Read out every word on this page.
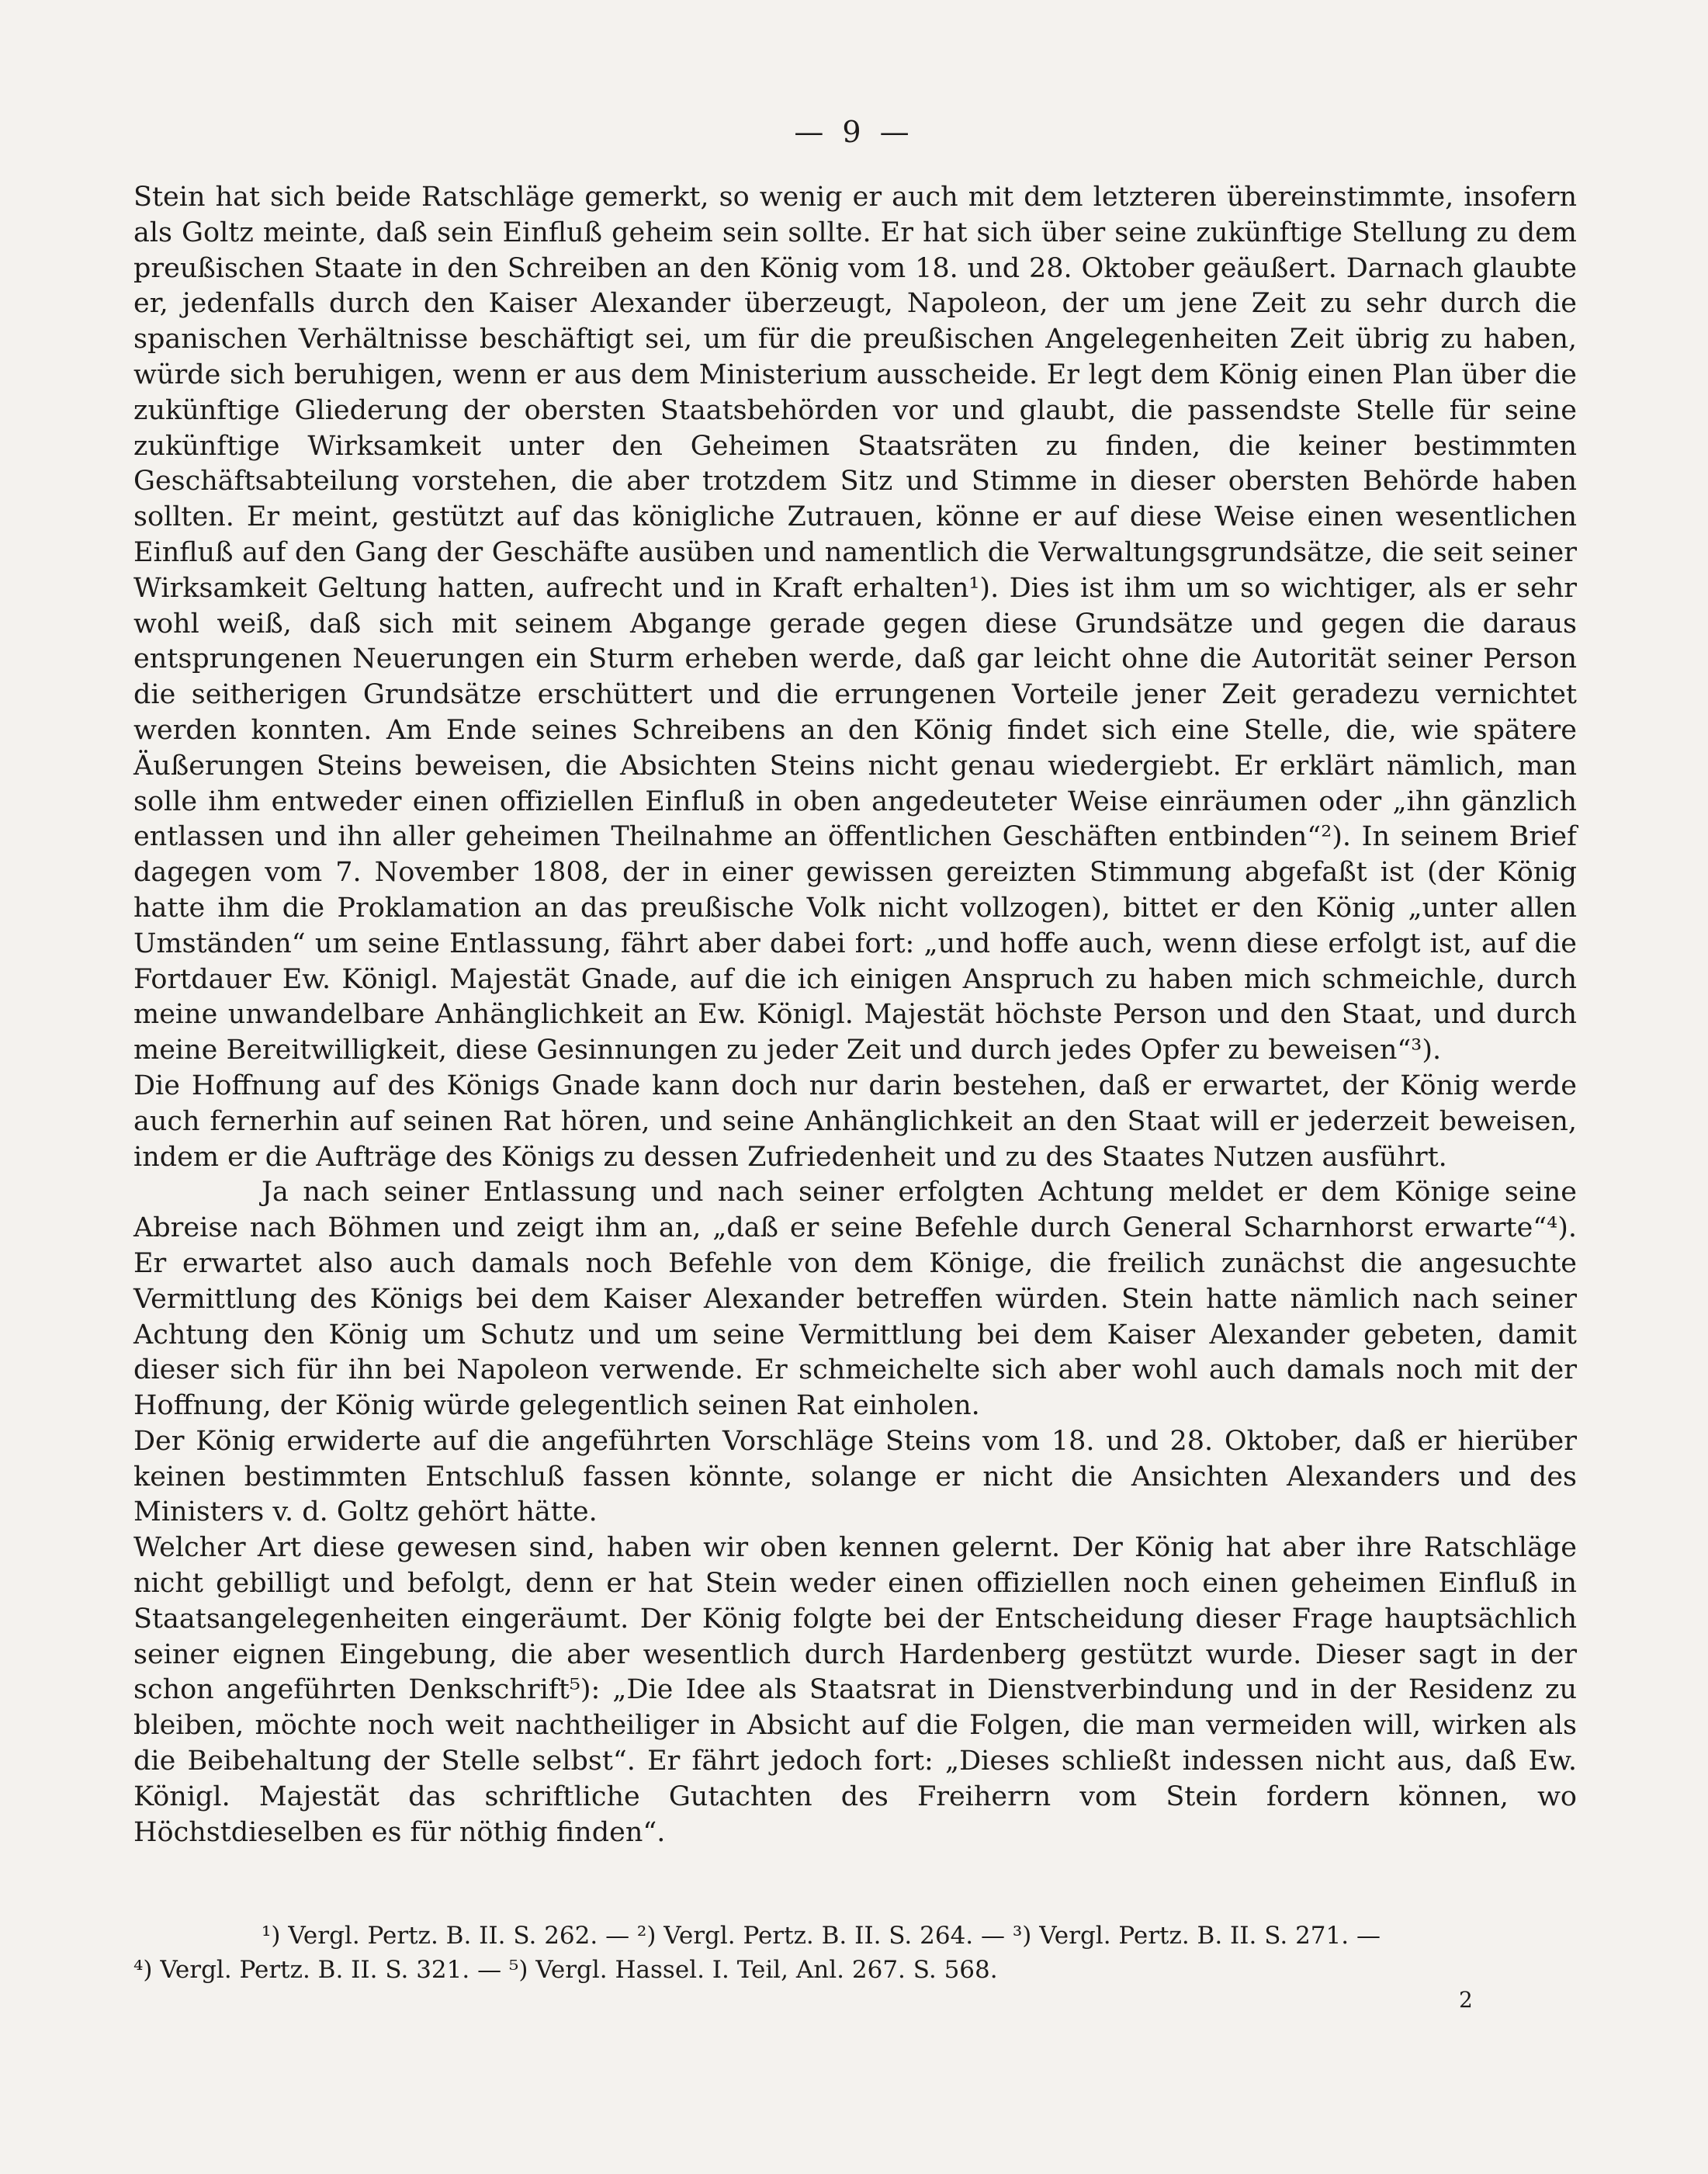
— 9 —

Stein hat sich beide Ratschläge gemerkt, so wenig er auch mit dem letzteren übereinstimmte, insofern als Goltz meinte, daß sein Einfluß geheim sein sollte. Er hat sich über seine zukünftige Stellung zu dem preußischen Staate in den Schreiben an den König vom 18. und 28. Oktober geäußert. Darnach glaubte er, jedenfalls durch den Kaiser Alexander überzeugt, Napoleon, der um jene Zeit zu sehr durch die spanischen Verhältnisse beschäftigt sei, um für die preußischen Angelegenheiten Zeit übrig zu haben, würde sich beruhigen, wenn er aus dem Ministerium ausscheide. Er legt dem König einen Plan über die zukünftige Gliederung der obersten Staatsbehörden vor und glaubt, die passendste Stelle für seine zukünftige Wirksamkeit unter den Geheimen Staatsräten zu finden, die keiner bestimmten Geschäftsabteilung vorstehen, die aber trotzdem Sitz und Stimme in dieser obersten Behörde haben sollten. Er meint, gestützt auf das königliche Zutrauen, könne er auf diese Weise einen wesentlichen Einfluß auf den Gang der Geschäfte ausüben und namentlich die Verwaltungsgrundsätze, die seit seiner Wirksamkeit Geltung hatten, aufrecht und in Kraft erhalten¹). Dies ist ihm um so wichtiger, als er sehr wohl weiß, daß sich mit seinem Abgange gerade gegen diese Grundsätze und gegen die daraus entsprungenen Neuerungen ein Sturm erheben werde, daß gar leicht ohne die Autorität seiner Person die seitherigen Grundsätze erschüttert und die errungenen Vorteile jener Zeit geradezu vernichtet werden konnten. Am Ende seines Schreibens an den König findet sich eine Stelle, die, wie spätere Äußerungen Steins beweisen, die Absichten Steins nicht genau wiedergiebt. Er erklärt nämlich, man solle ihm entweder einen offiziellen Einfluß in oben angedeuteter Weise einräumen oder „ihn gänzlich entlassen und ihn aller geheimen Theilnahme an öffentlichen Geschäften entbinden“²). In seinem Brief dagegen vom 7. November 1808, der in einer gewissen gereizten Stimmung abgefaßt ist (der König hatte ihm die Proklamation an das preußische Volk nicht vollzogen), bittet er den König „unter allen Umständen“ um seine Entlassung, fährt aber dabei fort: „und hoffe auch, wenn diese erfolgt ist, auf die Fortdauer Ew. Königl. Majestät Gnade, auf die ich einigen Anspruch zu haben mich schmeichle, durch meine unwandelbare Anhänglichkeit an Ew. Königl. Majestät höchste Person und den Staat, und durch meine Bereitwilligkeit, diese Gesinnungen zu jeder Zeit und durch jedes Opfer zu beweisen“³).

Die Hoffnung auf des Königs Gnade kann doch nur darin bestehen, daß er erwartet, der König werde auch fernerhin auf seinen Rat hören, und seine Anhänglichkeit an den Staat will er jederzeit beweisen, indem er die Aufträge des Königs zu dessen Zufriedenheit und zu des Staates Nutzen ausführt.

Ja nach seiner Entlassung und nach seiner erfolgten Achtung meldet er dem Könige seine Abreise nach Böhmen und zeigt ihm an, „daß er seine Befehle durch General Scharnhorst erwarte“⁴). Er erwartet also auch damals noch Befehle von dem Könige, die freilich zunächst die angesuchte Vermittlung des Königs bei dem Kaiser Alexander betreffen würden. Stein hatte nämlich nach seiner Achtung den König um Schutz und um seine Vermittlung bei dem Kaiser Alexander gebeten, damit dieser sich für ihn bei Napoleon verwende. Er schmeichelte sich aber wohl auch damals noch mit der Hoffnung, der König würde gelegentlich seinen Rat einholen.

Der König erwiderte auf die angeführten Vorschläge Steins vom 18. und 28. Oktober, daß er hierüber keinen bestimmten Entschluß fassen könnte, solange er nicht die Ansichten Alexanders und des Ministers v. d. Goltz gehört hätte.

Welcher Art diese gewesen sind, haben wir oben kennen gelernt. Der König hat aber ihre Ratschläge nicht gebilligt und befolgt, denn er hat Stein weder einen offiziellen noch einen geheimen Einfluß in Staatsangelegenheiten eingeräumt. Der König folgte bei der Entscheidung dieser Frage hauptsächlich seiner eignen Eingebung, die aber wesentlich durch Hardenberg gestützt wurde. Dieser sagt in der schon angeführten Denkschrift⁵): „Die Idee als Staatsrat in Dienstverbindung und in der Residenz zu bleiben, möchte noch weit nachtheiliger in Absicht auf die Folgen, die man vermeiden will, wirken als die Beibehaltung der Stelle selbst“. Er fährt jedoch fort: „Dieses schließt indessen nicht aus, daß Ew. Königl. Majestät das schriftliche Gutachten des Freiherrn vom Stein fordern können, wo Höchstdieselben es für nöthig finden“.

¹) Vergl. Pertz. B. II. S. 262. — ²) Vergl. Pertz. B. II. S. 264. — ³) Vergl. Pertz. B. II. S. 271. —
⁴) Vergl. Pertz. B. II. S. 321. — ⁵) Vergl. Hassel. I. Teil, Anl. 267. S. 568.
2
